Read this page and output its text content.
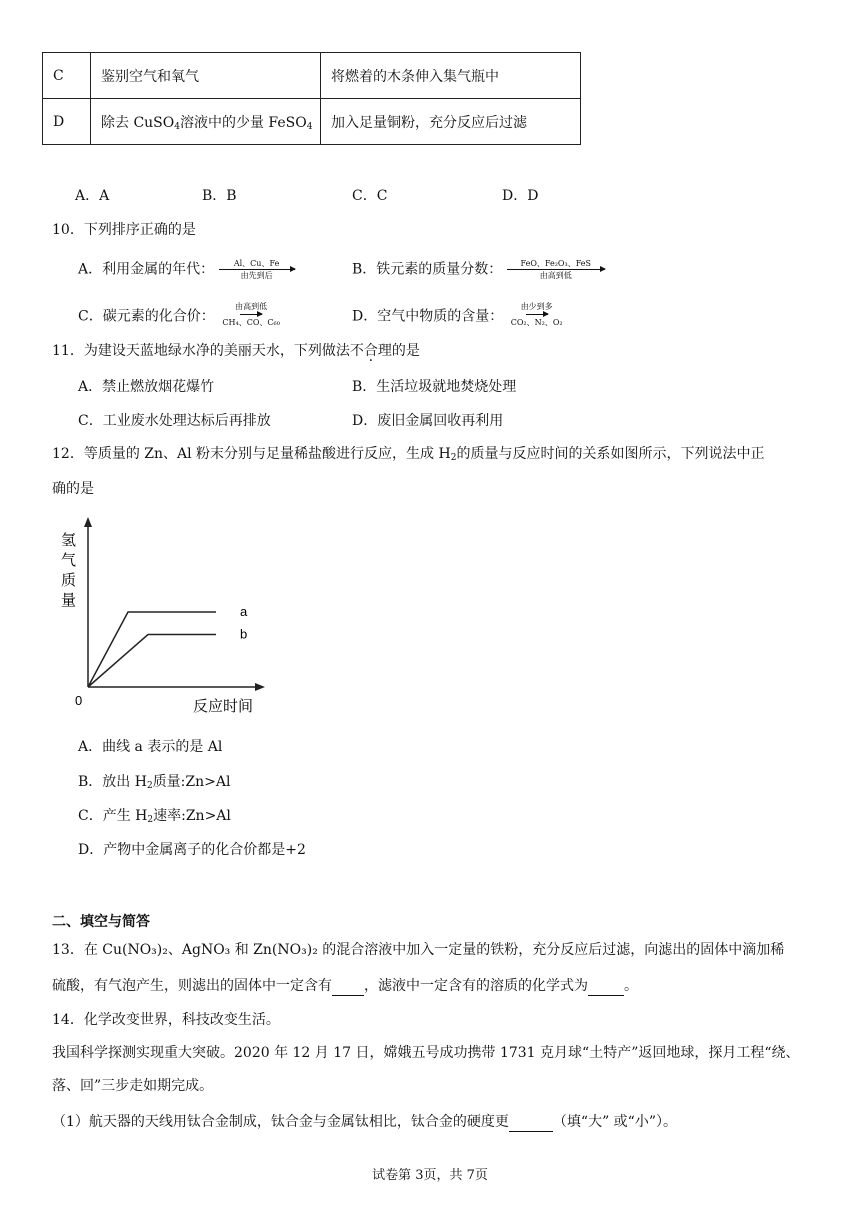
C	鉴别空气和氧气	将燃着的木条伸入集气瓶中
D	除去 CuSO$_4$溶液中的少量 FeSO$_4$	加入足量铜粉，充分反应后过滤
A．A	B．B	C．C	D．D
10．下列排序正确的是
A．利用金属的年代：	Al、Cu、Fe
由先到后	B．铁元素的质量分数：	FeO、Fe₂O₃、FeS
由高到低
C．碳元素的化合价：
由高到低
CH₄、CO、C₆₀	D．空气中物质的含量：
由少到多
CO₂、N₂、O₂
11．为建设天蓝地绿水净的美丽天水，下列做法不合理的是
A．禁止燃放烟花爆竹	B．生活垃圾就地焚烧处理
C．工业废水处理达标后再排放	D．废旧金属回收再利用
12．等质量的 Zn、Al 粉末分别与足量稀盐酸进行反应，生成 $H_2$的质量与反应时间的关系如图所示，下列说法中正
确的是
氢
气
质
量
0	反应时间
a
b
A．曲线 a 表示的是 Al
B．放出 $H_2$质量:Zn>Al
C．产生 $H_2$速率:Zn>Al
D．产物中金属离子的化合价都是+2
二、填空与简答
13．在 Cu(NO₃)₂、AgNO₃ 和 Zn(NO₃)₂ 的混合溶液中加入一定量的铁粉，充分反应后过滤，向滤出的固体中滴加稀
硫酸，有气泡产生，则滤出的固体中一定含有 ，滤液中一定含有的溶质的化学式为	。
14．化学改变世界，科技改变生活。
我国科学探测实现重大突破。2020 年 12 月 17 日，嫦娥五号成功携带 1731 克月球“土特产”返回地球，探月工程“绕、
落、回”三步走如期完成。
（1）航天器的天线用钛合金制成，钛合金与金属钛相比，钛合金的硬度更	（填“大” 或“小”）。
试卷第 3页，共 7页
